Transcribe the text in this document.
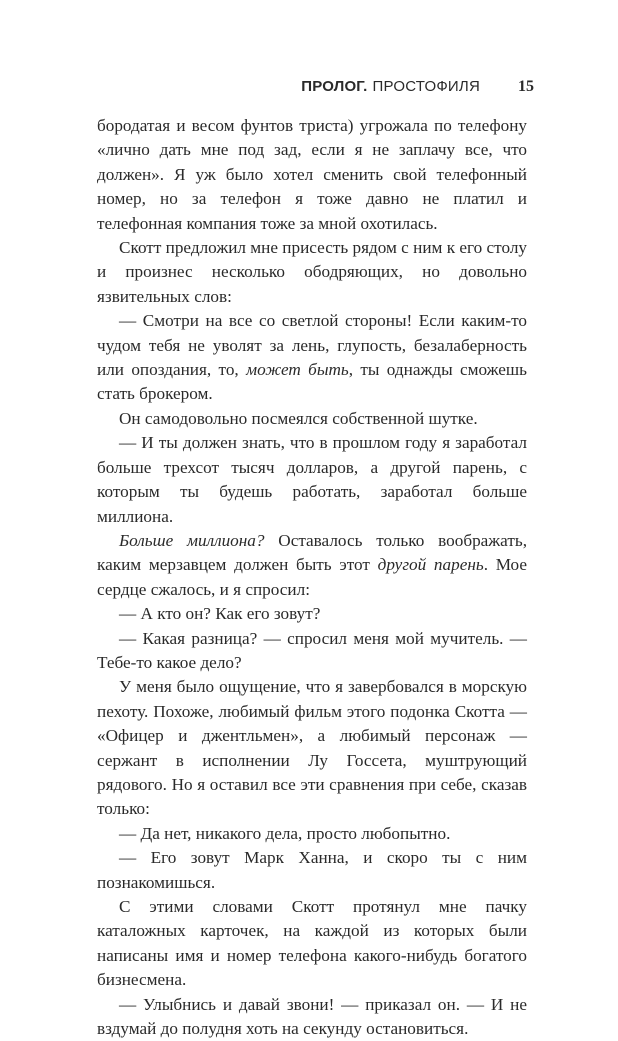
ПРОЛОГ. ПРОСТОФИЛЯ 15

бородатая и весом фунтов триста) угрожала по телефону «лично дать мне под зад, если я не заплачу все, что должен». Я уж было хотел сменить свой телефонный номер, но за телефон я тоже давно не платил и телефонная компания тоже за мной охотилась.

Скотт предложил мне присесть рядом с ним к его столу и произнес несколько ободряющих, но довольно язвительных слов:

— Смотри на все со светлой стороны! Если каким-то чудом тебя не уволят за лень, глупость, безалаберность или опоздания, то, может быть, ты однажды сможешь стать брокером.

Он самодовольно посмеялся собственной шутке.

— И ты должен знать, что в прошлом году я заработал больше трехсот тысяч долларов, а другой парень, с которым ты будешь работать, заработал больше миллиона.

Больше миллиона? Оставалось только воображать, каким мерзавцем должен быть этот другой парень. Мое сердце сжалось, и я спросил:

— А кто он? Как его зовут?

— Какая разница? — спросил меня мой мучитель. — Тебе-то какое дело?

У меня было ощущение, что я завербовался в морскую пехоту. Похоже, любимый фильм этого подонка Скотта — «Офицер и джентльмен», а любимый персонаж — сержант в исполнении Лу Госсета, муштрующий рядового. Но я оставил все эти сравнения при себе, сказав только:

— Да нет, никакого дела, просто любопытно.

— Его зовут Марк Ханна, и скоро ты с ним познакомишься.

С этими словами Скотт протянул мне пачку каталожных карточек, на каждой из которых были написаны имя и номер телефона какого-нибудь богатого бизнесмена.

— Улыбнись и давай звони! — приказал он. — И не вздумай до полудня хоть на секунду остановиться.
